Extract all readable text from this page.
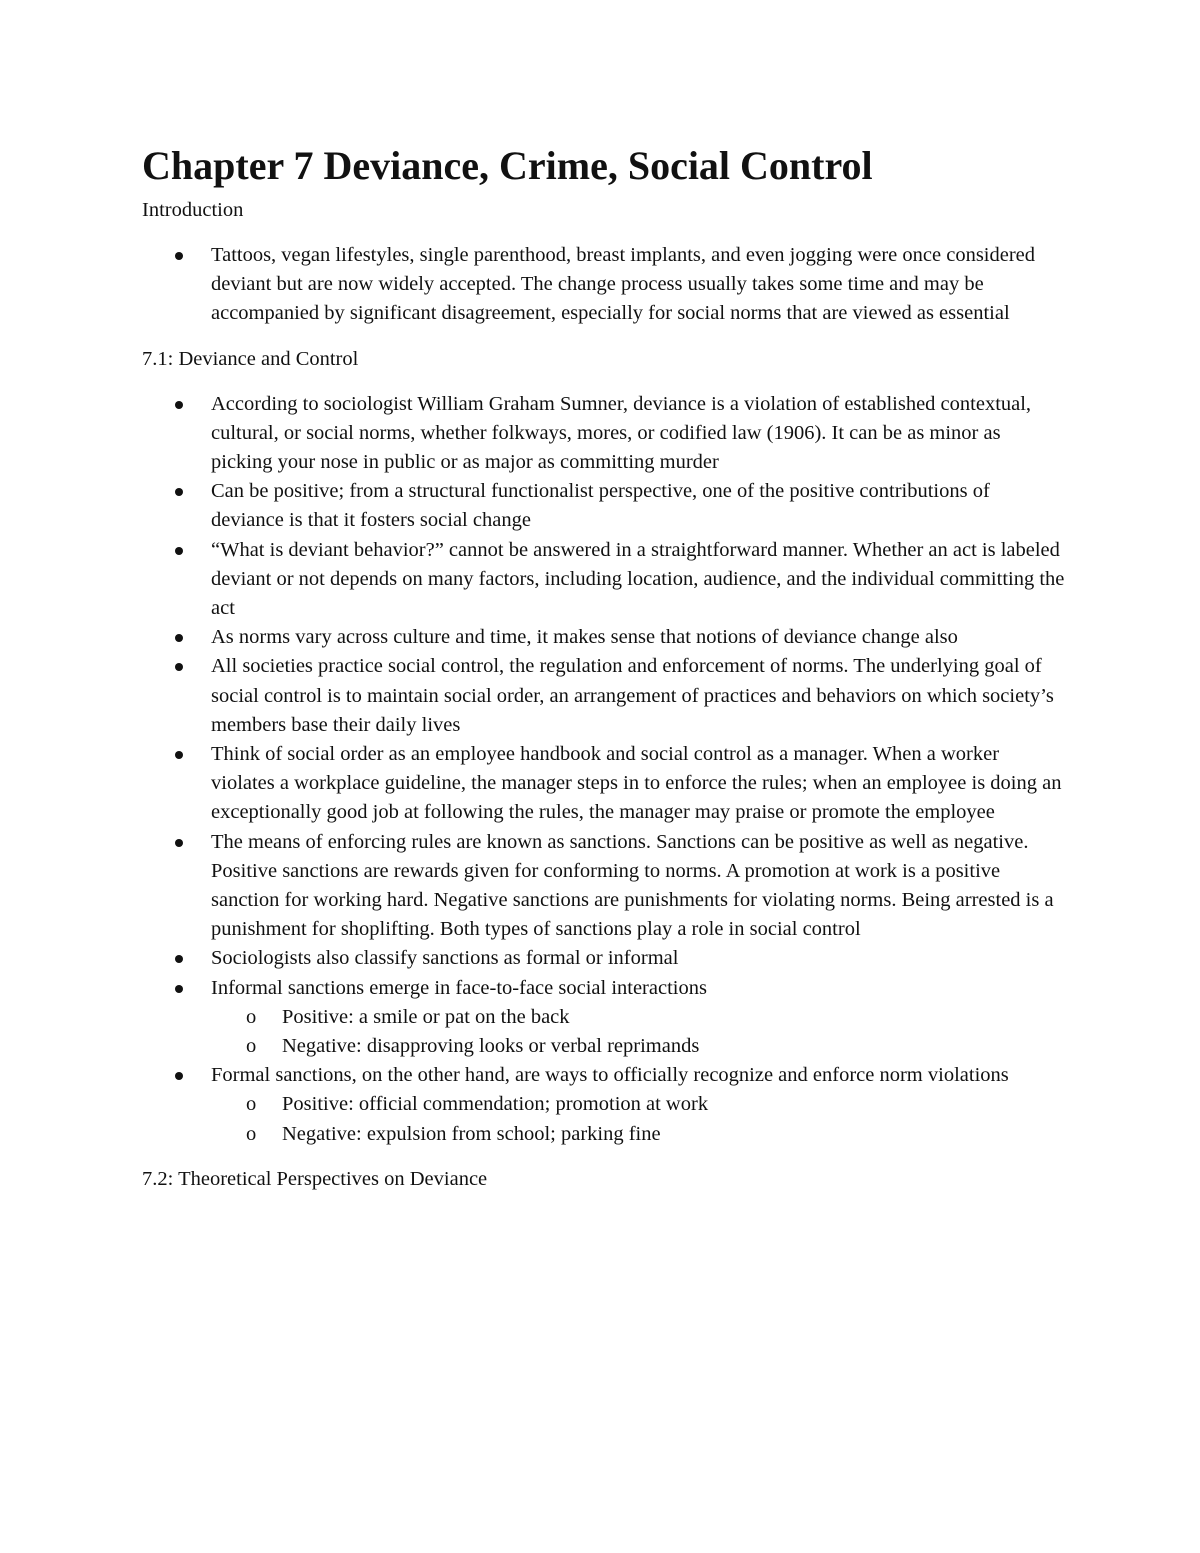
Chapter 7 Deviance, Crime, Social Control
Introduction
Tattoos, vegan lifestyles, single parenthood, breast implants, and even jogging were once considered deviant but are now widely accepted. The change process usually takes some time and may be accompanied by significant disagreement, especially for social norms that are viewed as essential
7.1: Deviance and Control
According to sociologist William Graham Sumner, deviance is a violation of established contextual, cultural, or social norms, whether folkways, mores, or codified law (1906). It can be as minor as picking your nose in public or as major as committing murder
Can be positive; from a structural functionalist perspective, one of the positive contributions of deviance is that it fosters social change
“What is deviant behavior?” cannot be answered in a straightforward manner. Whether an act is labeled deviant or not depends on many factors, including location, audience, and the individual committing the act
As norms vary across culture and time, it makes sense that notions of deviance change also
All societies practice social control, the regulation and enforcement of norms. The underlying goal of social control is to maintain social order, an arrangement of practices and behaviors on which society’s members base their daily lives
Think of social order as an employee handbook and social control as a manager. When a worker violates a workplace guideline, the manager steps in to enforce the rules; when an employee is doing an exceptionally good job at following the rules, the manager may praise or promote the employee
The means of enforcing rules are known as sanctions. Sanctions can be positive as well as negative. Positive sanctions are rewards given for conforming to norms. A promotion at work is a positive sanction for working hard. Negative sanctions are punishments for violating norms. Being arrested is a punishment for shoplifting. Both types of sanctions play a role in social control
Sociologists also classify sanctions as formal or informal
Informal sanctions emerge in face-to-face social interactions
o Positive: a smile or pat on the back
o Negative: disapproving looks or verbal reprimands
Formal sanctions, on the other hand, are ways to officially recognize and enforce norm violations
o Positive: official commendation; promotion at work
o Negative: expulsion from school; parking fine
7.2: Theoretical Perspectives on Deviance
